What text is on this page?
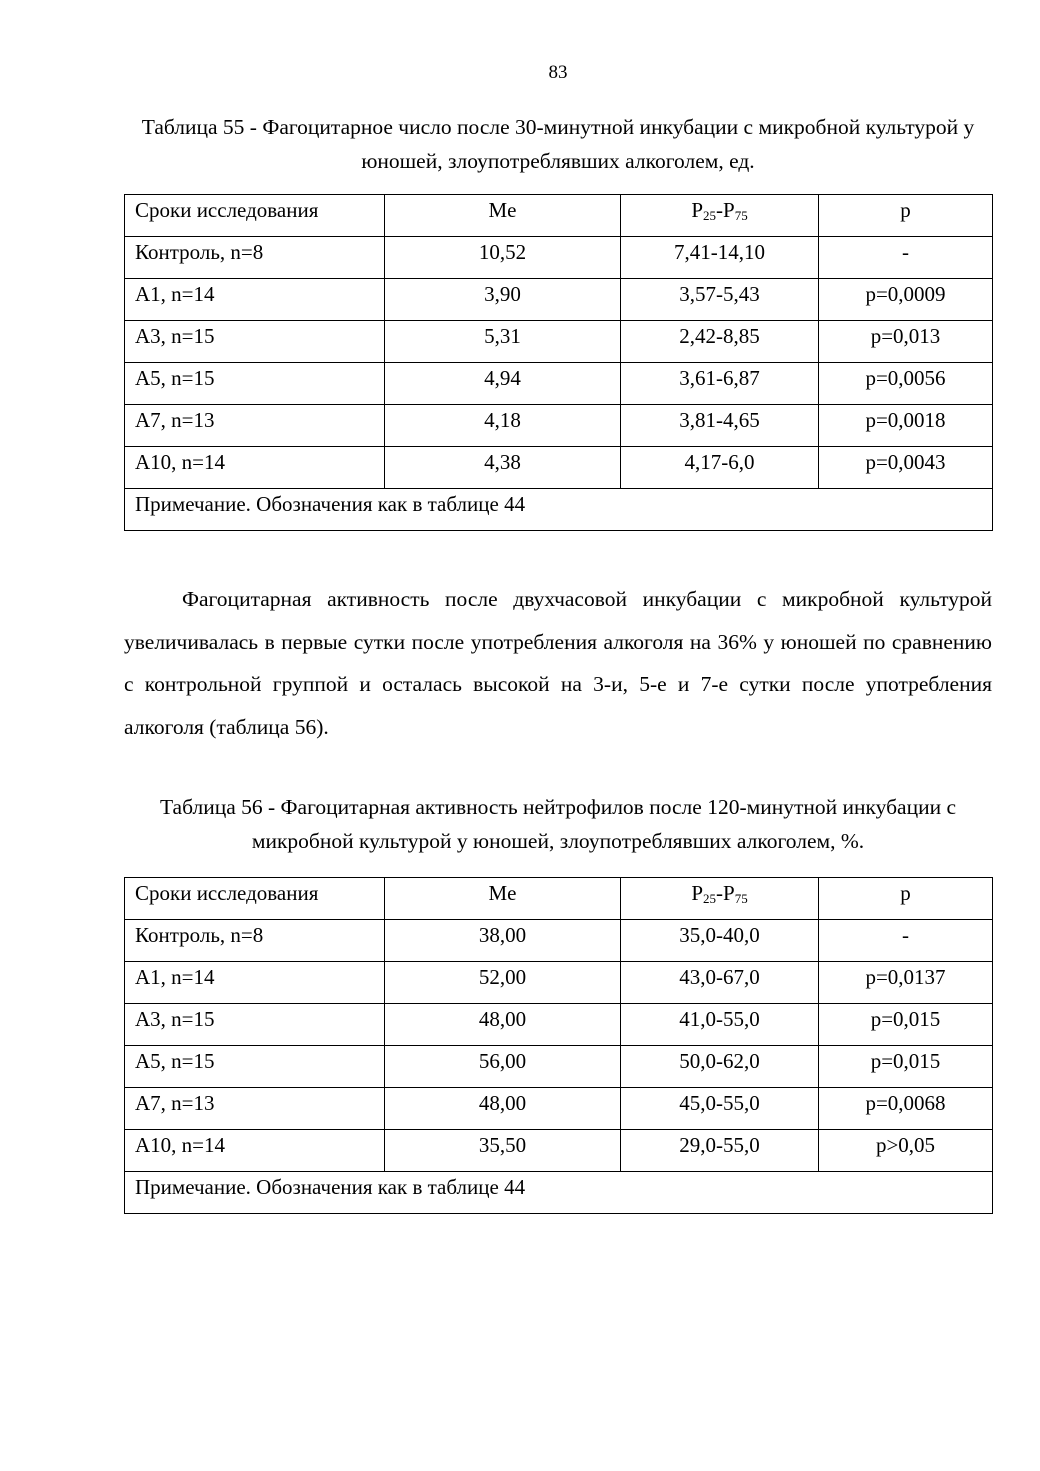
83
Таблица 55 - Фагоцитарное число после 30-минутной инкубации с микробной культурой у юношей, злоупотреблявших алкоголем, ед.
Сроки исследования	Me	$P_{25}-P_{75}$	p
Контроль, n=8	10,52	7,41-14,10	-
А1, n=14	3,90	3,57-5,43	p=0,0009
А3, n=15	5,31	2,42-8,85	p=0,013
А5, n=15	4,94	3,61-6,87	p=0,0056
А7, n=13	4,18	3,81-4,65	p=0,0018
А10, n=14	4,38	4,17-6,0	p=0,0043
Примечание. Обозначения как в таблице 44			
Фагоцитарная активность после двухчасовой инкубации с микробной культурой увеличивалась в первые сутки после употребления алкоголя на 36% у юношей по сравнению с контрольной группой и осталась высокой на 3-и, 5-е и 7-е сутки после употребления алкоголя (таблица 56).
Таблица 56 - Фагоцитарная активность нейтрофилов после 120-минутной инкубации с микробной культурой у юношей, злоупотреблявших алкоголем, %.
Сроки исследования	Me	$P_{25}-P_{75}$	p
Контроль, n=8	38,00	35,0-40,0	-
А1, n=14	52,00	43,0-67,0	p=0,0137
А3, n=15	48,00	41,0-55,0	p=0,015
А5, n=15	56,00	50,0-62,0	p=0,015
А7, n=13	48,00	45,0-55,0	p=0,0068
А10, n=14	35,50	29,0-55,0	p>0,05
Примечание. Обозначения как в таблице 44			
